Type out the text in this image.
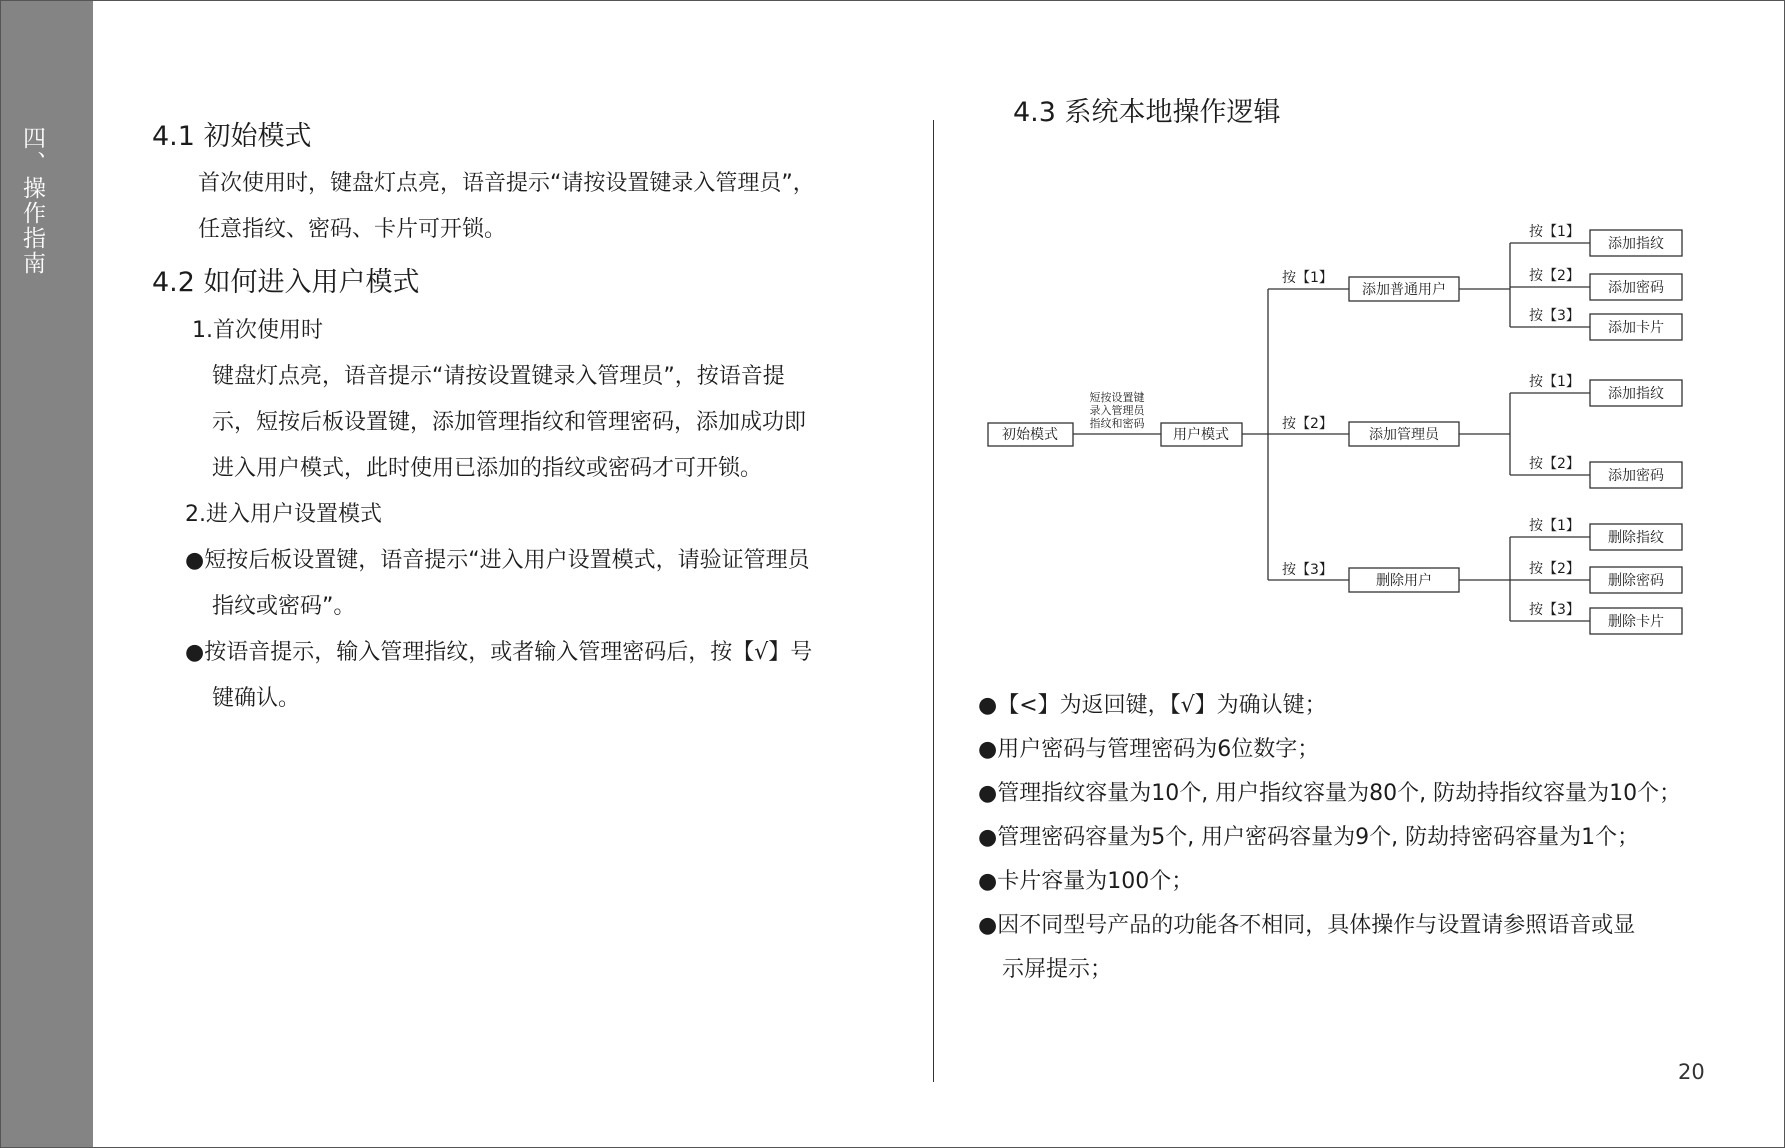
四、操作指南	4.1 初始模式
首次使用时，键盘灯点亮，语音提示“请按设置键录入管理员”，
任意指纹、密码、卡片可开锁。
4.2 如何进入用户模式
1.首次使用时
键盘灯点亮，语音提示“请按设置键录入管理员”，按语音提
示，短按后板设置键，添加管理指纹和管理密码，添加成功即
进入用户模式，此时使用已添加的指纹或密码才可开锁。
2.进入用户设置模式
●短按后板设置键，语音提示“进入用户设置模式，请验证管理员
指纹或密码”。
●按语音提示，输入管理指纹，或者输入管理密码后，按【√】号
键确认。
4.3 系统本地操作逻辑
初始模式
短按设置键
录入管理员
指纹和密码
用户模式
按【1】
按【2】
按【3】
添加普通用户
添加管理员
删除用户
按【1】
按【2】
按【3】
按【1】
按【2】
按【1】
按【2】
按【3】
添加指纹
添加密码
添加卡片
添加指纹
添加密码
删除指纹
删除密码
删除卡片
●【<】为返回键，【√】为确认键；
●用户密码与管理密码为6位数字；
●管理指纹容量为10个, 用户指纹容量为80个, 防劫持指纹容量为10个；
●管理密码容量为5个, 用户密码容量为9个, 防劫持密码容量为1个；
●卡片容量为100个；
●因不同型号产品的功能各不相同，具体操作与设置请参照语音或显
示屏提示；
20
